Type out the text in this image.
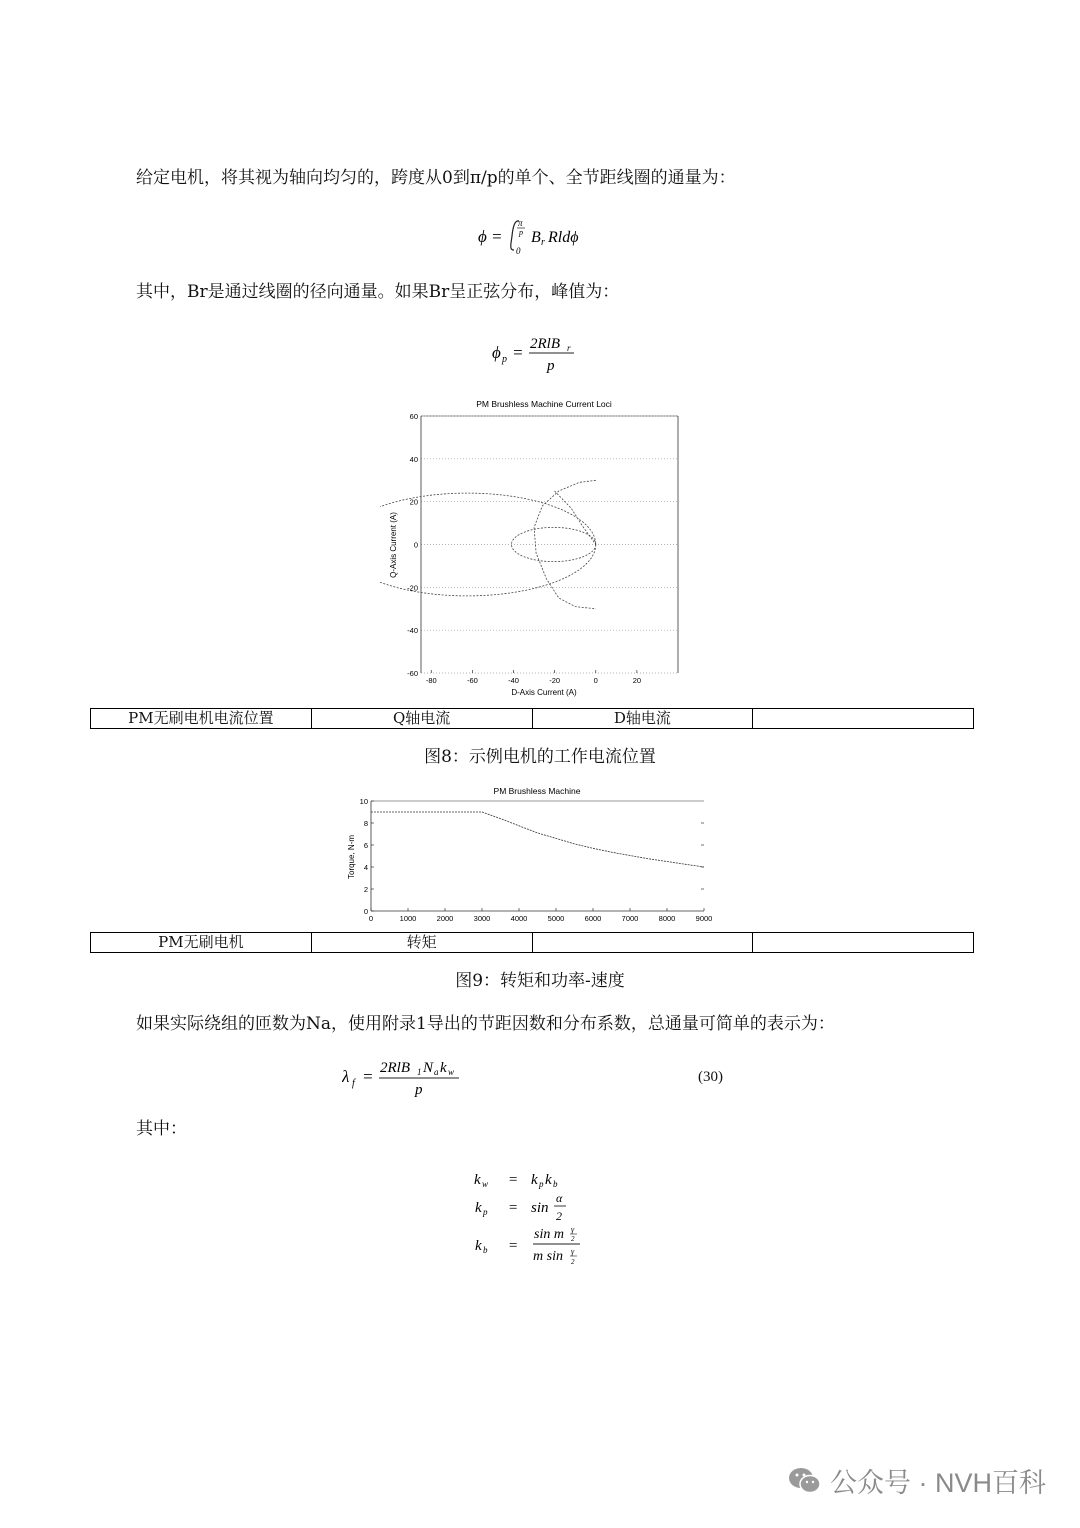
给定电机，将其视为轴向均匀的，跨度从0到π/p的单个、全节距线圈的通量为：

ϕ =
π
p
0
B r Rldϕ

其中，Br是通过线圈的径向通量。如果Br呈正弦分布，峰值为：

ϕ p = 2RlB r
p
PM Brushless Machine Current Loci
-60
-40
-20
0
20
40
60
-80	-60	-40	-20	0	20
D-Axis Current (A)
Q-Axis Current (A)
PM无刷电机电流位置	Q轴电流	D轴电流	
图8：示例电机的工作电流位置
PM Brushless Machine
0
2
4
6
8
10
0	1000	2000	3000	4000	5000	6000	7000	8000	9000
Torque, N-m
PM无刷电机	转矩		
图9：转矩和功率-速度

如果实际绕组的匝数为Na，使用附录1导出的节距因数和分布系数，总通量可简单的表示为：

λ f = 2RlB 1 N a k w
p
(30)

其中：

k w = k p k b
k p = sin
α
2
k b =
sin m γ
2
m sin γ
2
公众号 · NVH百科
